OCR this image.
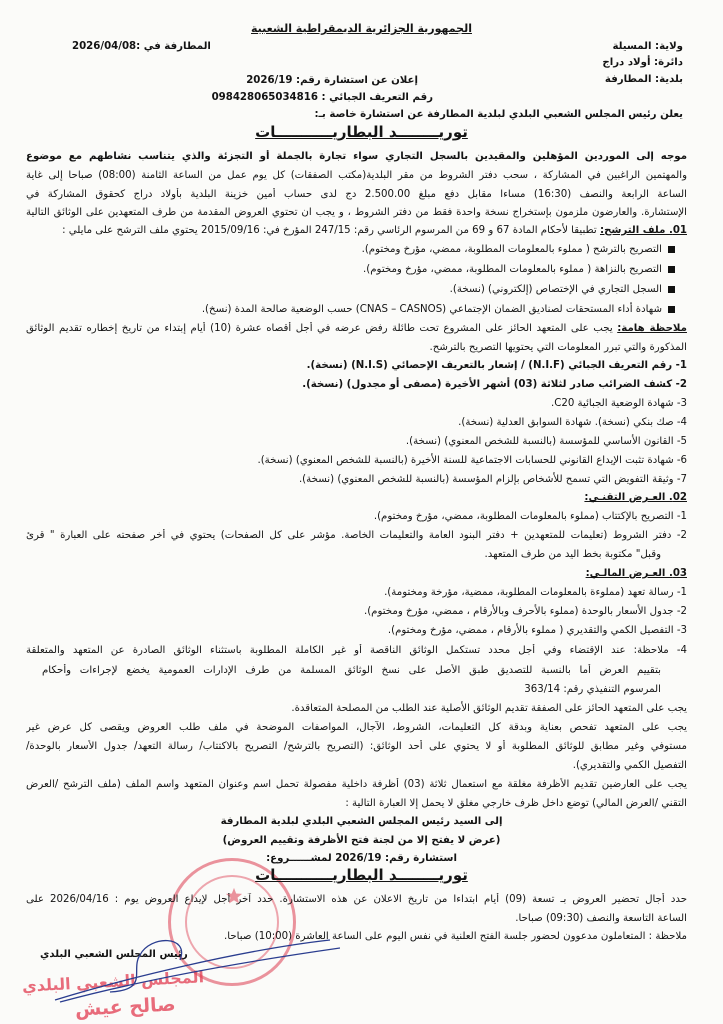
الجمهورية الجزائرية الديمقراطية الشعبية
المطارفة في :2026/04/08	ولاية: المسيلة
دائرة: أولاد دراج
بلدية: المطارفة
إعلان عن استشارة رقم: 2026/19
رقم التعريف الجبائي : 098428065034816
يعلن رئيس المجلس الشعبي البلدي لبلدية المطارفة عن استشارة خاصة بـ:
توريــــــــد البطاريـــــــــــات
موجه إلى الموردين المؤهلين والمقيدين بالسجل التجاري سواء تجارة بالجملة أو التجزئة والذي يتناسب نشاطهم مع موضوع
والمهتمين الراغبين في المشاركة ، سحب دفتر الشروط من مقر البلدية(مكتب الصفقات) كل يوم عمل من الساعة الثامنة (08:00) صباحا إلى غاية
الساعة الرابعة والنصف (16:30) مساءا مقابل دفع مبلغ 2.500.00 دج لدى حساب أمين خزينة البلدية بأولاد دراج كحقوق المشاركة في
الإستشارة. والعارضون ملزمون بإستخراج نسخة واحدة فقط من دفتر الشروط ، و يجب ان تحتوي العروض المقدمة من طرف المتعهدين على الوثائق التالية
01. ملف الترشح: تطبيقا لأحكام المادة 67 و 69 من المرسوم الرئاسي رقم: 247/15 المؤرخ في: 2015/09/16 يحتوي ملف الترشح على مايلي :
التصريح بالترشح ( مملوء بالمعلومات المطلوبة، ممضي، مؤرخ ومختوم).
التصريح بالنزاهة ( مملوء بالمعلومات المطلوبة، ممضي، مؤرخ ومختوم).
السجل التجاري في الإختصاص (إلكتروني) (نسخة).
شهادة أداء المستحقات لصناديق الضمان الإجتماعي (CNAS – CASNOS) حسب الوضعية صالحة المدة (نسخ).
ملاحظة هامة: يجب على المتعهد الحائز على المشروع تحت طائلة رفض عرضه في أجل أقصاه عشرة (10) أيام إبتداء من تاريخ إخطاره تقديم الوثائق
المذكورة والتي تبرر المعلومات التي يحتويها التصريح بالترشح.
1- رقم التعريف الجبائي (N.I.F) / إشعار بالتعريف الإحصائي (N.I.S) (نسخة).
2- كشف الضرائب صادر لثلاثة (03) أشهر الأخيرة (مصفى أو مجدول) (نسخة).
3- شهادة الوضعية الجبائية C20.
4- صك بنكي (نسخة). شهادة السوابق العدلية (نسخة).
5- القانون الأساسي للمؤسسة (بالنسبة للشخص المعنوي) (نسخة).
6- شهادة تثبت الإيداع القانوني للحسابات الاجتماعية للسنة الأخيرة (بالنسبة للشخص المعنوي) (نسخة).
7- وثيقة التفويض التي تسمح للأشخاص بإلزام المؤسسة (بالنسبة للشخص المعنوي) (نسخة).
02. العـرض التقنـي:
1- التصريح بالإكتتاب (مملوء بالمعلومات المطلوبة، ممضي، مؤرخ ومختوم).
2- دفتر الشروط (تعليمات للمتعهدين + دفتر البنود العامة والتعليمات الخاصة. مؤشر على كل الصفحات) يحتوي في أخر صفحته على العبارة " قرئ
وقبل" مكتوبة بخط اليد من طرف المتعهد.
03. العـرض المالـي:
1- رسالة تعهد (مملوءة بالمعلومات المطلوبة، ممضية، مؤرخة ومختومة).
2- جدول الأسعار بالوحدة (مملوء بالأحرف وبالأرقام ، ممضي، مؤرخ ومختوم).
3- التفصيل الكمي والتقديري ( مملوء بالأرقام ، ممضي، مؤرخ ومختوم).
4- ملاحظة: عند الإقتضاء وفي أجل محدد تستكمل الوثائق الناقصة أو غير الكاملة المطلوبة باستثناء الوثائق الصادرة عن المتعهد والمتعلقة
بتقييم العرض أما بالنسبة للتصديق طبق الأصل على نسخ الوثائق المسلمة من طرف الإدارات العمومية يخضع لإجراءات وأحكام
المرسوم التنفيذي رقم: 363/14
يجب على المتعهد الحائز على الصفقة تقديم الوثائق الأصلية عند الطلب من المصلحة المتعاقدة.
يجب على المتعهد تفحص بعناية وبدقة كل التعليمات، الشروط، الآجال، المواصفات الموضحة في ملف طلب العروض ويقصى كل عرض غير
مستوفي وغير مطابق للوثائق المطلوبة أو لا يحتوي على أحد الوثائق: (التصريح بالترشح/ التصريح بالاكتتاب/ رسالة التعهد/ جدول الأسعار بالوحدة/
التفصيل الكمي والتقديري).
يجب على العارضين تقديم الأظرفة مغلقة مع استعمال ثلاثة (03) أظرفة داخلية مفصولة تحمل اسم وعنوان المتعهد واسم الملف (ملف الترشح /العرض
التقني /العرض المالي) توضع داخل ظرف خارجي مغلق لا يحمل إلا العبارة التالية :
إلى السيد رئيس المجلس الشعبي البلدي لبلدية المطارفة
(عرض لا يفتح إلا من لجنة فتح الأظرفة وتقييم العروض)
استشارة رقم: 2026/19 لمشــــــروع:
توريــــــــد البطاريـــــــــــات
حدد أجال تحضير العروض بـ تسعة (09) أيام ابتداءا من تاريخ الاعلان عن هذه الاستشارة. حدد آخر أجل لإيداع العروض يوم : 2026/04/16 على
الساعة التاسعة والنصف (09:30) صباحا.
ملاحظة : المتعاملون مدعوون لحضور جلسة الفتح العلنية في نفس اليوم على الساعة العاشرة (10:00) صباحا.
رئيس المجلس الشعبي البلدي
المجلس الشعبي البلدي
صالح عيش
